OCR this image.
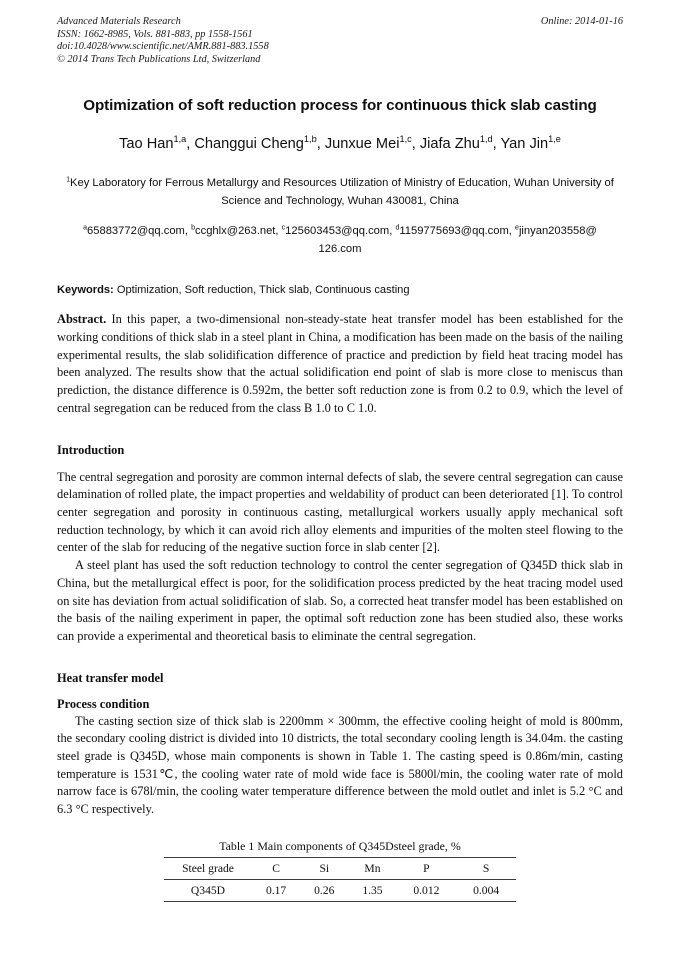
Online: 2014-01-16
Advanced Materials Research
ISSN: 1662-8985, Vols. 881-883, pp 1558-1561
doi:10.4028/www.scientific.net/AMR.881-883.1558
© 2014 Trans Tech Publications Ltd, Switzerland
Optimization of soft reduction process for continuous thick slab casting
Tao Han$^{1,a}$, Changgui Cheng$^{1,b}$, Junxue Mei$^{1,c}$, Jiafa Zhu$^{1,d}$, Yan Jin$^{1,e}$
$^1$Key Laboratory for Ferrous Metallurgy and Resources Utilization of Ministry of Education, Wuhan University of Science and Technology, Wuhan 430081, China
$^a$65883772@qq.com, $^b$ccghlx@263.net, $^c$125603453@qq.com, $^d$1159775693@qq.com, $^e$jinyan203558@ 126.com
Keywords: Optimization, Soft reduction, Thick slab, Continuous casting
Abstract. In this paper, a two-dimensional non-steady-state heat transfer model has been established for the working conditions of thick slab in a steel plant in China, a modification has been made on the basis of the nailing experimental results, the slab solidification difference of practice and prediction by field heat tracing model has been analyzed. The results show that the actual solidification end point of slab is more close to meniscus than prediction, the distance difference is 0.592m, the better soft reduction zone is from 0.2 to 0.9, which the level of central segregation can be reduced from the class B 1.0 to C 1.0.
Introduction

The central segregation and porosity are common internal defects of slab, the severe central segregation can cause delamination of rolled plate, the impact properties and weldability of product can been deteriorated [1]. To control center segregation and porosity in continuous casting, metallurgical workers usually apply mechanical soft reduction technology, by which it can avoid rich alloy elements and impurities of the molten steel flowing to the center of the slab for reducing of the negative suction force in slab center [2].

A steel plant has used the soft reduction technology to control the center segregation of Q345D thick slab in China, but the metallurgical effect is poor, for the solidification process predicted by the heat tracing model used on site has deviation from actual solidification of slab. So, a corrected heat transfer model has been established on the basis of the nailing experiment in paper, the optimal soft reduction zone has been studied also, these works can provide a experimental and theoretical basis to eliminate the central segregation.

Heat transfer model
Process condition

The casting section size of thick slab is 2200mm × 300mm, the effective cooling height of mold is 800mm, the secondary cooling district is divided into 10 districts, the total secondary cooling length is 34.04m. the casting steel grade is Q345D, whose main components is shown in Table 1. The casting speed is 0.86m/min, casting temperature is 1531℃, the cooling water rate of mold wide face is 5800l/min, the cooling water rate of mold narrow face is 678l/min, the cooling water temperature difference between the mold outlet and inlet is 5.2 °C and 6.3 °C respectively.

Table 1 Main components of Q345Dsteel grade, %
Steel grade	C	Si	Mn	P	S
Q345D	0.17	0.26	1.35	0.012	0.004
